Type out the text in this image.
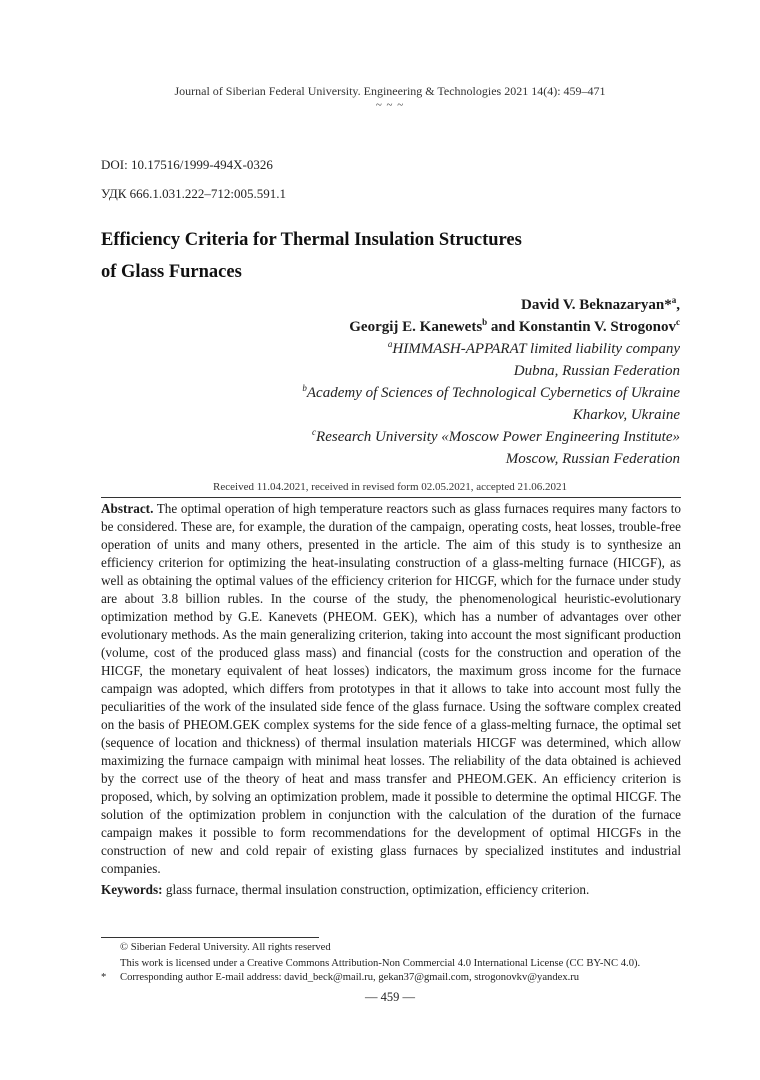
Journal of Siberian Federal University. Engineering & Technologies 2021 14(4): 459–471
~ ~ ~
DOI: 10.17516/1999-494X-0326
УДК 666.1.031.222–712:005.591.1
Efficiency Criteria for Thermal Insulation Structures
of Glass Furnaces
David V. Beknazaryan*$^a$,
Georgij E. Kanewets$^b$ and Konstantin V. Strogonov$^c$
$^a$HIMMASH-APPARAT limited liability company
Dubna, Russian Federation
$^b$Academy of Sciences of Technological Cybernetics of Ukraine
Kharkov, Ukraine
$^c$Research University «Moscow Power Engineering Institute»
Moscow, Russian Federation
Received 11.04.2021, received in revised form 02.05.2021, accepted 21.06.2021
Abstract. The optimal operation of high temperature reactors such as glass furnaces requires many factors to be considered. These are, for example, the duration of the campaign, operating costs, heat losses, trouble-free operation of units and many others, presented in the article. The aim of this study is to synthesize an efficiency criterion for optimizing the heat-insulating construction of a glass-melting furnace (HICGF), as well as obtaining the optimal values of the efficiency criterion for HICGF, which for the furnace under study are about 3.8 billion rubles. In the course of the study, the phenomenological heuristic-evolutionary optimization method by G.E. Kanevets (PHEOM. GEK), which has a number of advantages over other evolutionary methods. As the main generalizing criterion, taking into account the most significant production (volume, cost of the produced glass mass) and financial (costs for the construction and operation of the HICGF, the monetary equivalent of heat losses) indicators, the maximum gross income for the furnace campaign was adopted, which differs from prototypes in that it allows to take into account most fully the peculiarities of the work of the insulated side fence of the glass furnace. Using the software complex created on the basis of PHEOM.GEK complex systems for the side fence of a glass-melting furnace, the optimal set (sequence of location and thickness) of thermal insulation materials HICGF was determined, which allow maximizing the furnace campaign with minimal heat losses. The reliability of the data obtained is achieved by the correct use of the theory of heat and mass transfer and PHEOM.GEK. An efficiency criterion is proposed, which, by solving an optimization problem, made it possible to determine the optimal HICGF. The solution of the optimization problem in conjunction with the calculation of the duration of the furnace campaign makes it possible to form recommendations for the development of optimal HICGFs in the construction of new and cold repair of existing glass furnaces by specialized institutes and industrial companies.
Keywords: glass furnace, thermal insulation construction, optimization, efficiency criterion.
© Siberian Federal University. All rights reserved
This work is licensed under a Creative Commons Attribution-Non Commercial 4.0 International License (CC BY-NC 4.0).
* Corresponding author E-mail address: david_beck@mail.ru, gekan37@gmail.com, strogonovkv@yandex.ru
— 459 —
